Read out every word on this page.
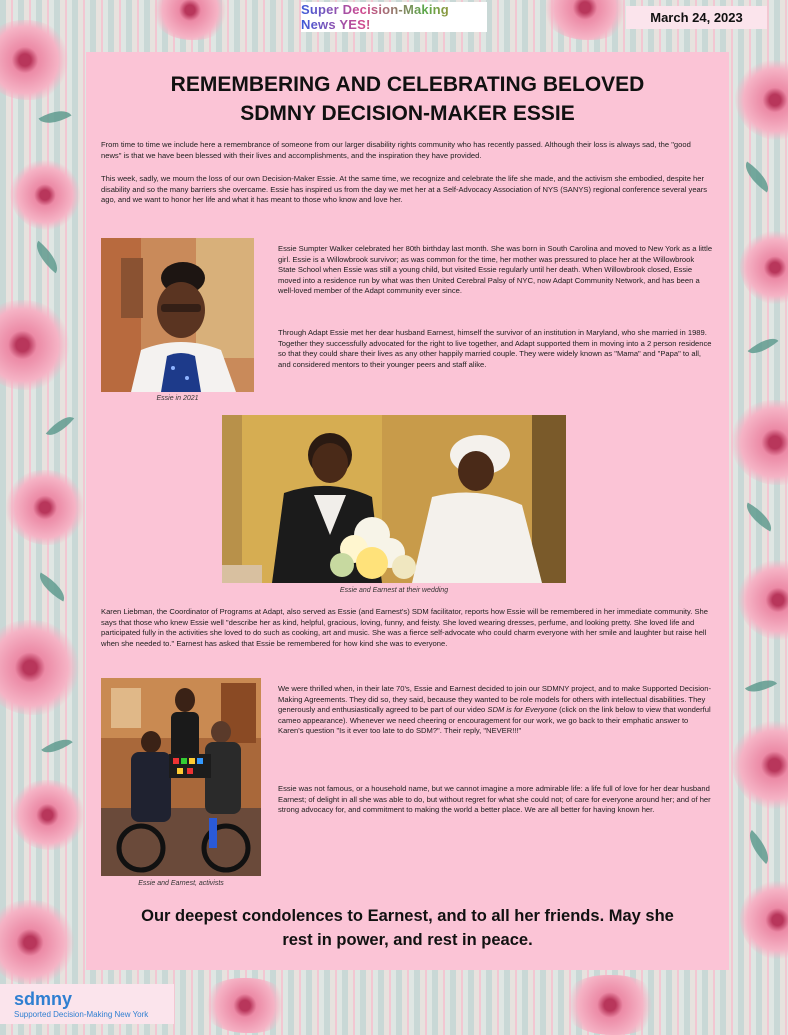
Super Decision-Making News YES!	March 24, 2023
REMEMBERING AND CELEBRATING BELOVED
SDMNY DECISION-MAKER ESSIE

From time to time we include here a remembrance of someone from our larger disability rights community who has recently passed. Although their loss is always sad, the "good news" is that we have been blessed with their lives and accomplishments, and the inspiration they have provided.

This week, sadly, we mourn the loss of our own Decision-Maker Essie. At the same time, we recognize and celebrate the life she made, and the activism she embodied, despite her disability and so the many barriers she overcame. Essie has inspired us from the day we met her at a Self-Advocacy Association of NYS (SANYS) regional conference several years ago, and we want to honor her life and what it has meant to those who know and love her.

Essie in 2021

Essie Sumpter Walker celebrated her 80th birthday last month. She was born in South Carolina and moved to New York as a little girl. Essie is a Willowbrook survivor; as was common for the time, her mother was pressured to place her at the Willowbrook State School when Essie was still a young child, but visited Essie regularly until her death. When Willowbrook closed, Essie moved into a residence run by what was then United Cerebral Palsy of NYC, now Adapt Community Network, and has been a well-loved member of the Adapt community ever since.

Through Adapt Essie met her dear husband Earnest, himself the survivor of an institution in Maryland, who she married in 1989. Together they successfully advocated for the right to live together, and Adapt supported them in moving into a 2 person residence so that they could share their lives as any other happily married couple. They were widely known as "Mama" and "Papa" to all, and considered mentors to their younger peers and staff alike.

Essie and Earnest at their wedding

Karen Liebman, the Coordinator of Programs at Adapt, also served as Essie (and Earnest's) SDM facilitator, reports how Essie will be remembered in her immediate community. She says that those who knew Essie well "describe her as kind, helpful, gracious, loving, funny, and feisty. She loved wearing dresses, perfume, and looking pretty. She loved life and participated fully in the activities she loved to do such as cooking, art and music. She was a fierce self-advocate who could charm everyone with her smile and laughter but raise hell when she needed to." Earnest has asked that Essie be remembered for how kind she was to everyone.

Essie and Earnest, activists

We were thrilled when, in their late 70's, Essie and Earnest decided to join our SDMNY project, and to make Supported Decision-Making Agreements. They did so, they said, because they wanted to be role models for others with intellectual disabilities. They generously and enthusiastically agreed to be part of our video SDM is for Everyone (click on the link below to view that wonderful cameo appearance). Whenever we need cheering or encouragement for our work, we go back to their emphatic answer to Karen's question "Is it ever too late to do SDM?". Their reply, "NEVER!!!"

Essie was not famous, or a household name, but we cannot imagine a more admirable life: a life full of love for her dear husband Earnest; of delight in all she was able to do, but without regret for what she could not; of care for everyone around her; and of her strong advocacy for, and commitment to making the world a better place. We are all better for having known her.

Our deepest condolences to Earnest, and to all her friends. May she
rest in power, and rest in peace.
sdmny
Supported Decision-Making New York
